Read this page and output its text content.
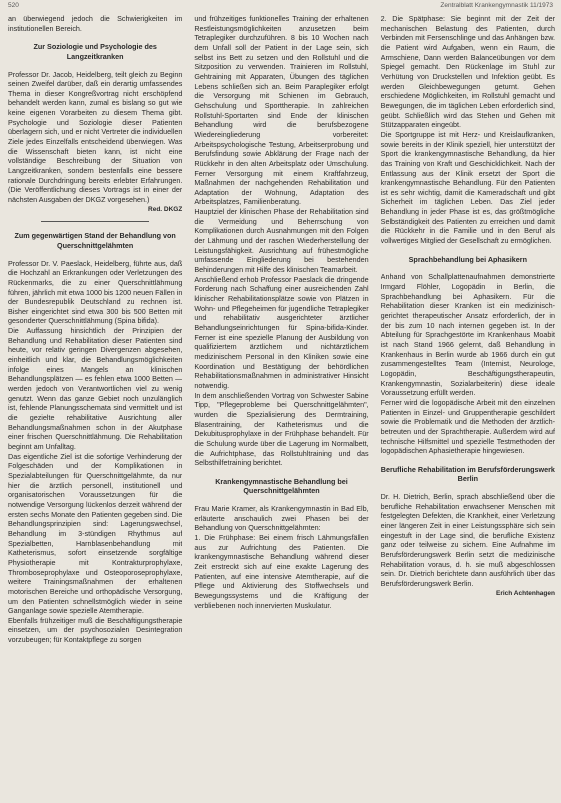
520	Zentralblatt Krankengymnastik 11/1973

an überwiegend jedoch die Schwierigkeiten im institutionellen Bereich.

Zur Soziologie und Psychologie des Langzeitkranken

Professor Dr. Jacob, Heidelberg, teilt gleich zu Beginn seinen Zweifel darüber, daß ein derartig umfassendes Thema in dieser Kongreßvortrag nicht erschöpfend behandelt werden kann, zumal es bislang so gut wie keine eigenen Vorarbeiten zu diesem Thema gibt. Psychologie und Soziologie dieser Patienten überlagern sich, und er nicht Vertreter die individuellen Ziele jedes Einzelfalls entscheidend überwiegen. Was die Wissenschaft bieten kann, ist nicht eine vollständige Beschreibung der Situation von Langzeitkranken, sondern bestenfalls eine bessere rationale Durchdringung bereits erlebter Erfahrungen. (Die Veröffentlichung dieses Vortrags ist in einer der nächsten Ausgaben der DKGZ vorgesehen.)

Red. DKGZ
Zum gegenwärtigen Stand der Behandlung von Querschnittgelähmten

Professor Dr. V. Paeslack, Heidelberg, führte aus, daß die Hochzahl an Erkrankungen oder Verletzungen des Rückenmarks, die zu einer Querschnittlähmung führen, jährlich mit etwa 1000 bis 1200 neuen Fällen in der Bundesrepublik Deutschland zu rechnen ist. Bisher eingerichtet sind etwa 300 bis 500 Betten mit gesonderter Querschnittlähmung (Spina bifida).

Die Auffassung hinsichtlich der Prinzipien der Behandlung und Rehabilitation dieser Patienten sind heute, vor relativ geringen Divergenzen abgesehen, einheitlich und klar, die Behandlungsmöglichkeiten infolge eines Mangels an klinischen Behandlungsplätzen — es fehlen etwa 1000 Betten — werden jedoch von Verantwortlichen viel zu wenig genutzt. Wenn das ganze Gebiet noch unzulänglich ist, fehlende Planungsschemata sind vermittelt und ist die gezielte rehabilitative Ausrichtung aller Behandlungsmaßnahmen schon in der Akutphase einer frischen Querschnittlähmung. Die Rehabilitation beginnt am Unfalltag.

Das eigentliche Ziel ist die sofortige Verhinderung der Folgeschäden und der Komplikationen in Spezialabteilungen für Querschnittgelähmte, da nur hier die ärztlich personell, institutionell und organisatorischen Voraussetzungen für die notwendige Versorgung lückenlos derzeit während der ersten sechs Monate den Patienten gegeben sind. Die Behandlungsprinzipien sind: Lagerungswechsel, Behandlung im 3-stündigen Rhythmus auf Spezialbetten, Harnblasenbehandlung mit Katheterismus, sofort einsetzende sorgfältige Physiotherapie mit Kontrakturprophylaxe, Thromboseprophylaxe und Osteoporoseprophylaxe, weitere Trainingsmaßnahmen der erhaltenen motorischen Bereiche und orthopädische Versorgung, um den Patienten schnellstmöglich wieder in seine Ganganlage sowie spezielle Atemtherapie.

Ebenfalls frühzeitiger muß die Beschäftigungstherapie einsetzen, um der psychosozialen Desintegration vorzubeugen; für Kontaktpflege zu sorgen

und frühzeitiges funktionelles Training der erhaltenen Restleistungsmöglichkeiten anzusetzen beim Tetraplegiker durchzuführen. 8 bis 10 Wochen nach dem Unfall soll der Patient in der Lage sein, sich selbst ins Bett zu setzen und den Rollstuhl und die Sitzposition zu verwenden. Trainieren im Rollstuhl, Gehtraining mit Apparaten, Übungen des täglichen Lebens schließen sich an. Beim Paraplegiker erfolgt die Versorgung mit Schienen im Gebrauch, Gehschulung und Sporttherapie. In zahlreichen Rollstuhl-Sportarten sind Ende der klinischen Behandlung wird die berufsbezogene Wiedereingliederung vorbereitet: Arbeitspsychologische Testung, Arbeitserprobung und Berufsfindung sowie Abklärung der Frage nach der Rückkehr in den alten Arbeitsplatz oder Umschulung. Ferner Versorgung mit einem Kraftfahrzeug, Maßnahmen der nachgehenden Rehabilitation und Adaptation der Wohnung, Adaptation des Arbeitsplatzes, Familienberatung.

Hauptziel der klinischen Phase der Rehabilitation sind die Vermeidung und Beherrschung von Komplikationen durch Ausnahmungen mit den Folgen der Lähmung und der raschen Wiederherstellung der Leistungsfähigkeit. Ausrichtung auf frühestmögliche umfassende Eingliederung bei bestehenden Behinderungen mit Hilfe des klinischen Teamarbeit.

Anschließend erhob Professor Paeslack die dringende Forderung nach Schaffung einer ausreichenden Zahl klinischer Rehabilitationsplätze sowie von Plätzen in Wohn- und Pflegeheimen für jugendliche Tetraplegiker und rehabilitativ ausgerichteter ärztlicher Behandlungseinrichtungen für Spina-bifida-Kinder. Ferner ist eine spezielle Planung der Ausbildung von qualifiziertem ärztlichem und nichtärztlichem medizinischem Personal in den Kliniken sowie eine Koordination und Bestätigung der behördlichen Rehabilitationsmaßnahmen in administrativer Hinsicht notwendig.

In dem anschließenden Vortrag von Schwester Sabine Tipp, "Pflegeprobleme bei Querschnittgelähmten", wurden die Spezialisierung des Dermtraining, Blasentraining, der Katheterismus und die Dekubitusprophylaxe in der Frühphase behandelt. Für die Schulung wurde über die Lagerung im Normalbett, die Aufrichtphase, das Rollstuhltraining und das Selbsthilfetraining berichtet.

Krankengymnastische Behandlung bei Querschnittgelähmten

Frau Marie Kramer, als Krankengymnastin in Bad Elb, erläuterte anschaulich zwei Phasen bei der Behandlung von Querschnittgelähmten:

1. Die Frühphase: Bei einem frisch Lähmungsfällen aus zur Aufrichtung des Patienten. Die krankengymnastische Behandlung während dieser Zeit erstreckt sich auf eine exakte Lagerung des Patienten, auf eine intensive Atemtherapie, auf die Pflege und Aktivierung des Stoffwechsels und Bewegungssystems und die Kräftigung der verbliebenen noch innervierten Muskulatur.

2. Die Spätphase: Sie beginnt mit der Zeit der mechanischen Belastung des Patienten, durch Verbinden mit Fersenschlinge und das Anhängen bzw. die Patient wird Aufgaben, wenn ein Raum, die Armschiene, Dann werden Balanceübungen vor dem Spiegel gemacht. Den Rückenlage im Stuhl zur Verhütung von Druckstellen und Infektion geübt. Es werden Gleichbewegungen geturnt. Gehen erschiedene Möglichkeiten, im Rollstuhl gemacht und Bewegungen, die im täglichen Leben erforderlich sind, geübt. Schließlich wird das Stehen und Gehen mit Stützapparaten eingeübt.

Die Sportgruppe ist mit Herz- und Kreislaufkranken, sowie bereits in der Klinik speziell, hier unterstützt der Sport die krankengymnastische Behandlung, da hier das Training von Kraft und Geschicklichkeit. Nach der Entlassung aus der Klinik ersetzt der Sport die krankengymnastische Behandlung. Für den Patienten ist es sehr wichtig, damit die Kameradschaft und gibt Sicherheit im täglichen Leben. Das Ziel jeder Behandlung in jeder Phase ist es, das größtmögliche Selbständigkeit des Patienten zu erreichen und damit die Rückkehr in die Familie und in den Beruf als vollwertiges Mitglied der Gesellschaft zu ermöglichen.

Sprachbehandlung bei Aphasikern

Anhand von Schallplattenaufnahmen demonstrierte Irmgard Flöhler, Logopädin in Berlin, die Sprachbehandlung bei Aphasikern. Für die Rehabilitation dieser Kranken ist ein medizinisch-gerichtet therapeutischer Ansatz erforderlich, der in der bis zum 10 nach internen gegeben ist. In der Abteilung für Sprachgestörte im Krankenhaus Moabit ist nach Stand 1966 gelernt, daß Behandlung in Krankenhaus in Berlin wurde ab 1966 durch ein gut zusammengestelltes Team (Internist, Neurologe, Logopädin, Beschäftigungstherapeutin, Krankengymnastin, Sozialarbeiterin) diese ideale Voraussetzung erfüllt werden.

Ferner wird die logopädische Arbeit mit den einzelnen Patienten in Einzel- und Gruppentherapie geschildert sowie die Problematik und die Methoden der ärztlich-betreuten und der Sprachtherapie. Außerdem wird auf technische Hilfsmittel und spezielle Testmethoden der logopädischen Aphasietherapie hingewiesen.

Berufliche Rehabilitation im Berufsförderungswerk Berlin

Dr. H. Dietrich, Berlin, sprach abschließend über die berufliche Rehabilitation erwachsener Menschen mit festgelegten Defekten, die Krankheit, einer Verletzung einer längeren Zeit in einer Leistungssphäre sich sein eingestuft in der Lage sind, die berufliche Existenz ganz oder teilweise zu sichern. Eine Aufnahme im Berufsförderungswerk Berlin setzt die medizinische Rehabilitation voraus, d. h. sie muß abgeschlossen sein. Dr. Dietrich berichtete dann ausführlich über das Berufsförderungswerk Berlin.

Erich Achtenhagen
